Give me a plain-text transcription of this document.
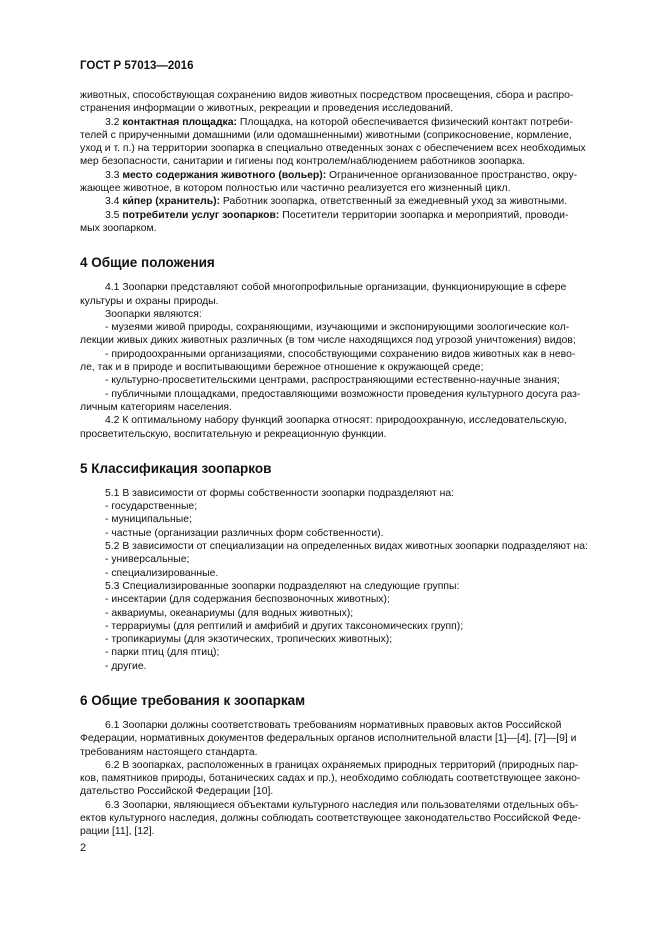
ГОСТ Р 57013—2016

животных, способствующая сохранению видов животных посредством просвещения, сбора и распро-
странения информации о животных, рекреации и проведения исследований.

3.2 контактная площадка: Площадка, на которой обеспечивается физический контакт потреби-
телей с прирученными домашними (или одомашненными) животными (соприкосновение, кормление,
уход и т. п.) на территории зоопарка в специально отведенных зонах с обеспечением всех необходимых
мер безопасности, санитарии и гигиены под контролем/наблюдением работников зоопарка.

3.3 место содержания животного (вольер): Ограниченное организованное пространство, окру-
жающее животное, в котором полностью или частично реализуется его жизненный цикл.

3.4 ки́пер (хранитель): Работник зоопарка, ответственный за ежедневный уход за животными.

3.5 потребители услуг зоопарков: Посетители территории зоопарка и мероприятий, проводи-
мых зоопарком.

4 Общие положения

4.1 Зоопарки представляют собой многопрофильные организации, функционирующие в сфере
культуры и охраны природы.

Зоопарки являются:

- музеями живой природы, сохраняющими, изучающими и экспонирующими зоологические кол-
лекции живых диких животных различных (в том числе находящихся под угрозой уничтожения) видов;

- природоохранными организациями, способствующими сохранению видов животных как в нево-
ле, так и в природе и воспитывающими бережное отношение к окружающей среде;

- культурно-просветительскими центрами, распространяющими естественно-научные знания;

- публичными площадками, предоставляющими возможности проведения культурного досуга раз-
личным категориям населения.

4.2 К оптимальному набору функций зоопарка относят: природоохранную, исследовательскую,
просветительскую, воспитательную и рекреационную функции.

5 Классификация зоопарков

5.1 В зависимости от формы собственности зоопарки подразделяют на:

- государственные;

- муниципальные;

- частные (организации различных форм собственности).

5.2 В зависимости от специализации на определенных видах животных зоопарки подразделяют на:

- универсальные;

- специализированные.

5.3 Специализированные зоопарки подразделяют на следующие группы:

- инсектарии (для содержания беспозвоночных животных);

- аквариумы, океанариумы (для водных животных);

- террариумы (для рептилий и амфибий и других таксономических групп);

- тропикариумы (для экзотических, тропических животных);

- парки птиц (для птиц);

- другие.

6 Общие требования к зоопаркам

6.1 Зоопарки должны соответствовать требованиям нормативных правовых актов Российской
Федерации, нормативных документов федеральных органов исполнительной власти [1]—[4], [7]—[9] и
требованиям настоящего стандарта.

6.2 В зоопарках, расположенных в границах охраняемых природных территорий (природных пар-
ков, памятников природы, ботанических садах и пр.), необходимо соблюдать соответствующее законо-
дательство Российской Федерации [10].

6.3 Зоопарки, являющиеся объектами культурного наследия или пользователями отдельных объ-
ектов культурного наследия, должны соблюдать соответствующее законодательство Российской Феде-
рации [11], [12].

2
